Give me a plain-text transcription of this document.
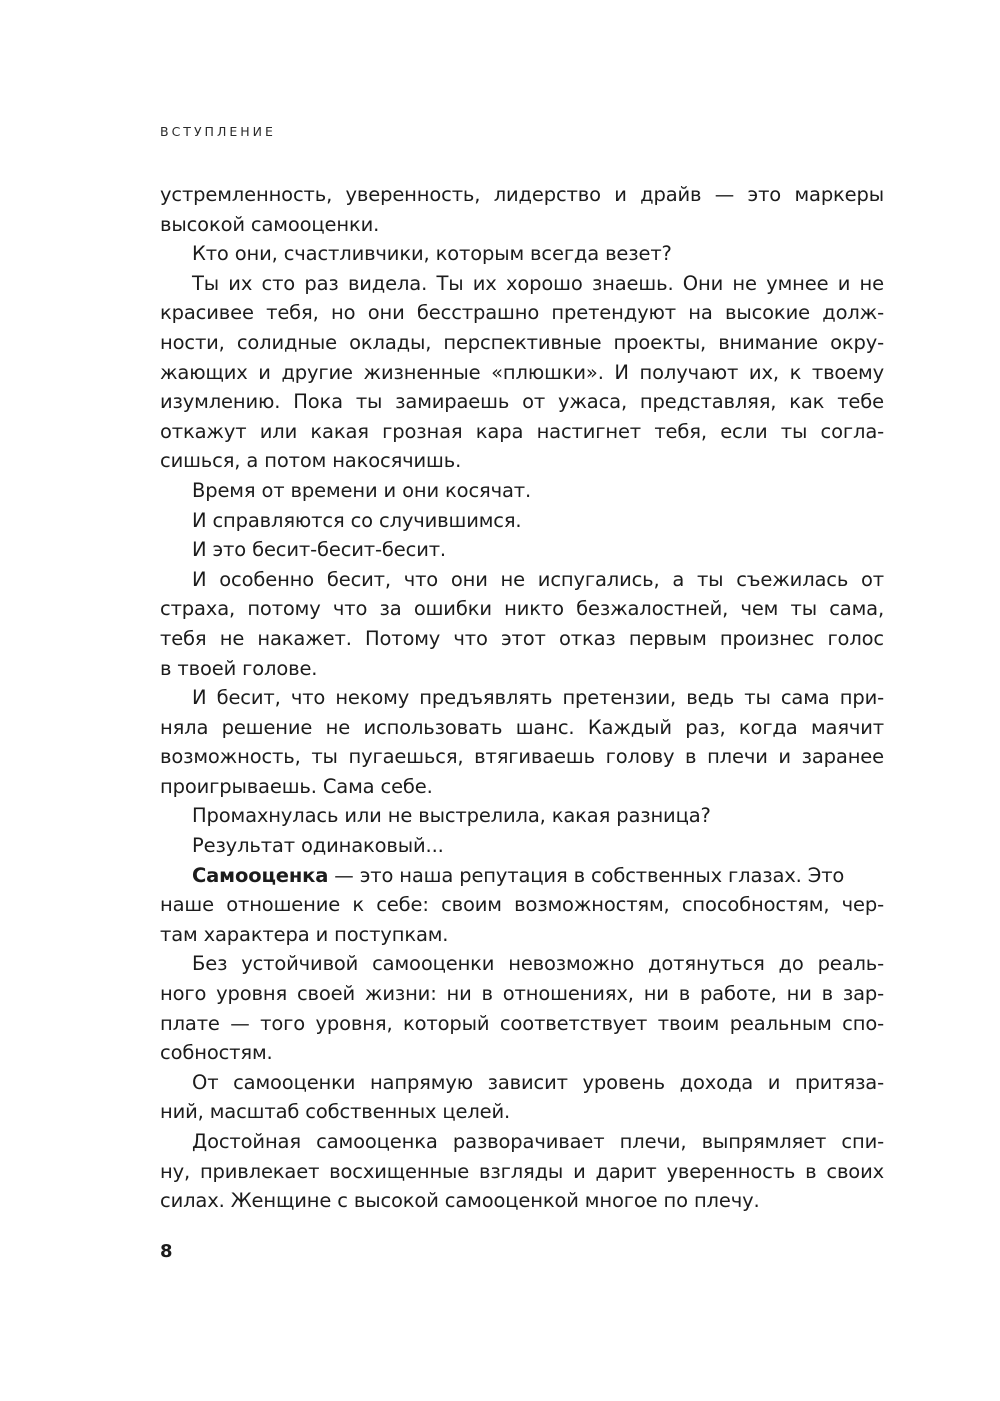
ВСТУПЛЕНИЕ
устремленность, уверенность, лидерство и драйв — это маркеры
высокой самооценки.
Кто они, счастливчики, которым всегда везет?
Ты их сто раз видела. Ты их хорошо знаешь. Они не умнее и не
красивее тебя, но они бесстрашно претендуют на высокие долж-
ности, солидные оклады, перспективные проекты, внимание окру-
жающих и другие жизненные «плюшки». И получают их, к твоему
изумлению. Пока ты замираешь от ужаса, представляя, как тебе
откажут или какая грозная кара настигнет тебя, если ты согла-
сишься, а потом накосячишь.
Время от времени и они косячат.
И справляются со случившимся.
И это бесит-бесит-бесит.
И особенно бесит, что они не испугались, а ты съежилась от
страха, потому что за ошибки никто безжалостней, чем ты сама,
тебя не накажет. Потому что этот отказ первым произнес голос
в твоей голове.
И бесит, что некому предъявлять претензии, ведь ты сама при-
няла решение не использовать шанс. Каждый раз, когда маячит
возможность, ты пугаешься, втягиваешь голову в плечи и заранее
проигрываешь. Сама себе.
Промахнулась или не выстрелила, какая разница?
Результат одинаковый...
Самооценка — это наша репутация в собственных глазах. Это
наше отношение к себе: своим возможностям, способностям, чер-
там характера и поступкам.
Без устойчивой самооценки невозможно дотянуться до реаль-
ного уровня своей жизни: ни в отношениях, ни в работе, ни в зар-
плате — того уровня, который соответствует твоим реальным спо-
собностям.
От самооценки напрямую зависит уровень дохода и притяза-
ний, масштаб собственных целей.
Достойная самооценка разворачивает плечи, выпрямляет спи-
ну, привлекает восхищенные взгляды и дарит уверенность в своих
силах. Женщине с высокой самооценкой многое по плечу.
8
